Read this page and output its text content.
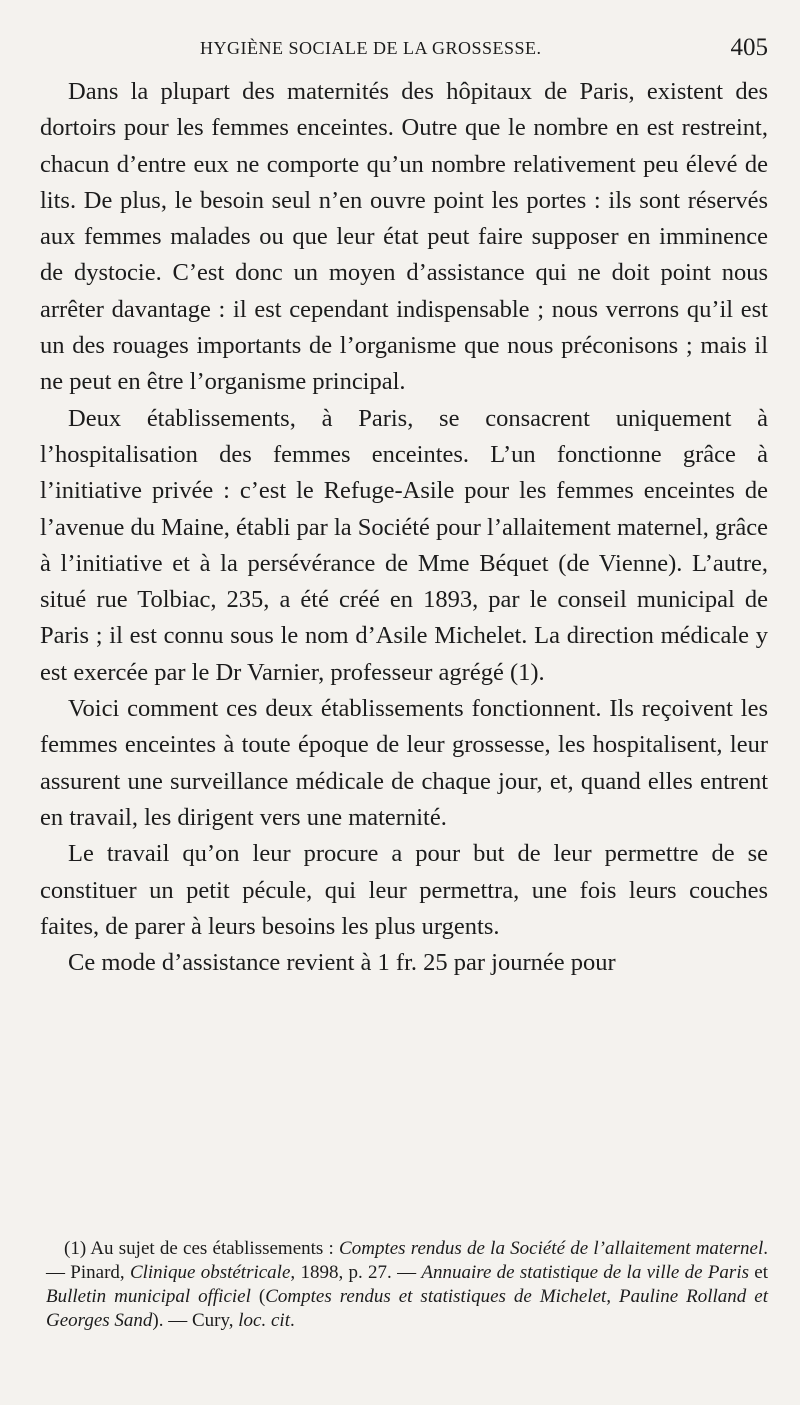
HYGIÈNE SOCIALE DE LA GROSSESSE.	405

Dans la plupart des maternités des hôpitaux de Paris, existent des dortoirs pour les femmes enceintes. Outre que le nombre en est restreint, chacun d’entre eux ne comporte qu’un nombre relativement peu élevé de lits. De plus, le besoin seul n’en ouvre point les portes : ils sont réservés aux femmes malades ou que leur état peut faire supposer en imminence de dystocie. C’est donc un moyen d’assistance qui ne doit point nous arrêter davantage : il est cependant indispensable ; nous verrons qu’il est un des rouages importants de l’organisme que nous préconisons ; mais il ne peut en être l’organisme principal.

Deux établissements, à Paris, se consacrent uniquement à l’hospitalisation des femmes enceintes. L’un fonctionne grâce à l’initiative privée : c’est le Refuge-Asile pour les femmes enceintes de l’avenue du Maine, établi par la Société pour l’allaitement maternel, grâce à l’initiative et à la persévérance de Mme Béquet (de Vienne). L’autre, situé rue Tolbiac, 235, a été créé en 1893, par le conseil municipal de Paris ; il est connu sous le nom d’Asile Michelet. La direction médicale y est exercée par le Dr Varnier, professeur agrégé (1).

Voici comment ces deux établissements fonctionnent. Ils reçoivent les femmes enceintes à toute époque de leur grossesse, les hospitalisent, leur assurent une surveillance médicale de chaque jour, et, quand elles entrent en travail, les dirigent vers une maternité.

Le travail qu’on leur procure a pour but de leur permettre de se constituer un petit pécule, qui leur permettra, une fois leurs couches faites, de parer à leurs besoins les plus urgents.

Ce mode d’assistance revient à 1 fr. 25 par journée pour

(1) Au sujet de ces établissements : Comptes rendus de la Société de l’allaitement maternel. — Pinard, Clinique obstétricale, 1898, p. 27. — Annuaire de statistique de la ville de Paris et Bulletin municipal officiel (Comptes rendus et statistiques de Michelet, Pauline Rolland et Georges Sand). — Cury, loc. cit.
